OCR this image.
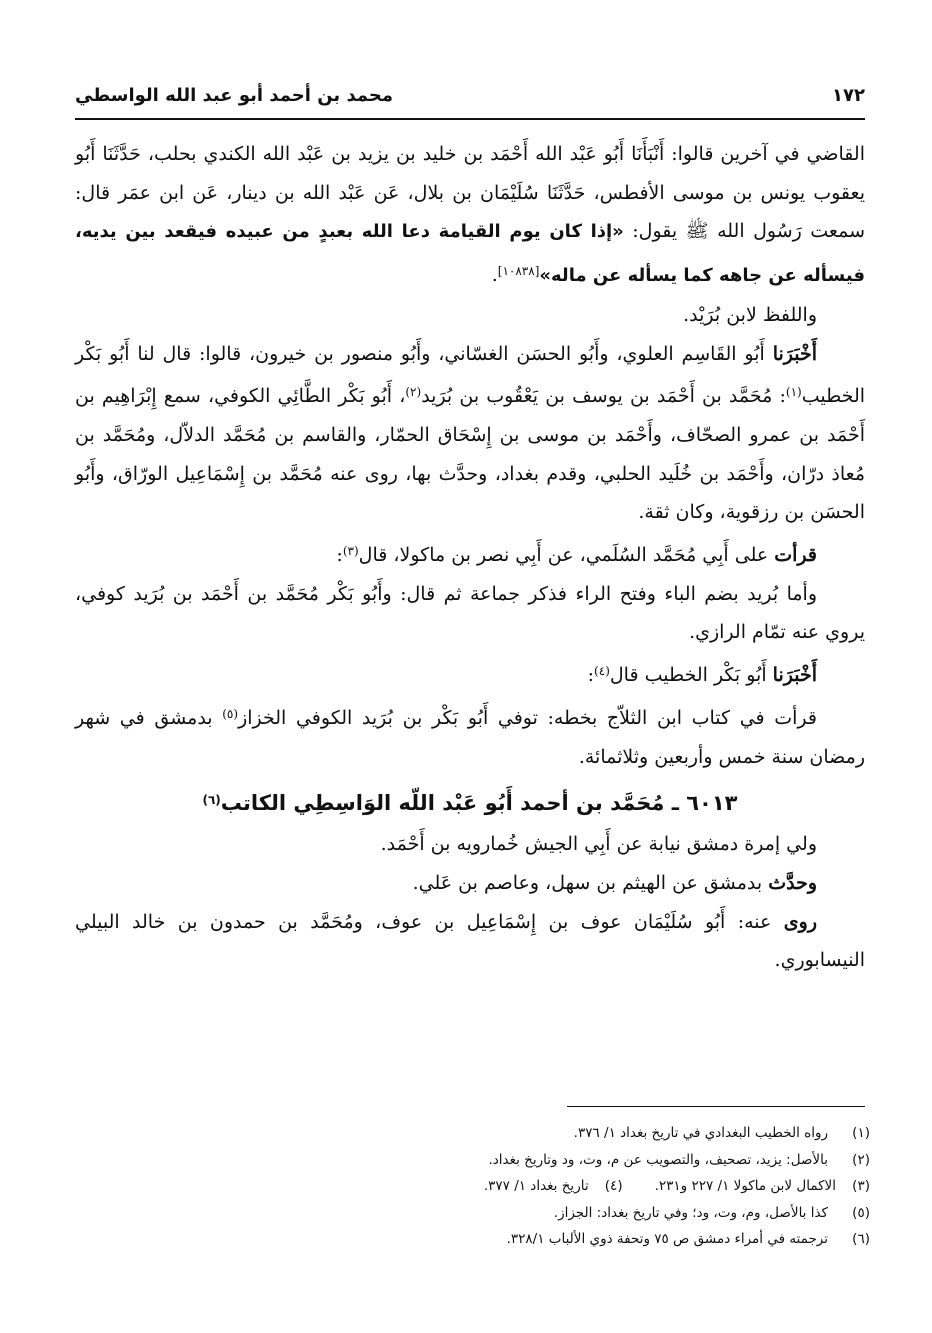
١٧٢
محمد بن أحمد أبو عبد الله الواسطي

القاضي في آخرين قالوا: أَنْبَأَنَا أَبُو عَبْد الله أَحْمَد بن خليد بن يزيد بن عَبْد الله الكندي بحلب، حَدَّثَنَا أَبُو يعقوب يونس بن موسى الأفطس، حَدَّثَنَا سُلَيْمَان بن بلال، عَن عَبْد الله بن دينار، عَن ابن عمَر قال: سمعت رَسُول الله ﷺ يقول: «إذا كان يوم القيامة دعا الله بعبدٍ من عبيده فيقعد بين يديه، فيسأله عن جاهه كما يسأله عن ماله»[١٠٨٣٨].

واللفظ لابن بُرَيْد.

أَخْبَرَنا أَبُو القَاسِم العلوي، وأَبُو الحسَن الغسّاني، وأَبُو منصور بن خيرون، قالوا: قال لنا أَبُو بَكْر الخطيب$^{(١)}$: مُحَمَّد بن أَحْمَد بن يوسف بن يَعْقُوب بن بُرَيد$^{(٢)}$، أَبُو بَكْر الطَّائِي الكوفي، سمع إِبْرَاهِيم بن أَحْمَد بن عمرو الصحّاف، وأَحْمَد بن موسى بن إِسْحَاق الحمّار، والقاسم بن مُحَمَّد الدلاّل، ومُحَمَّد بن مُعاذ درّان، وأَحْمَد بن خُلَيد الحلبي، وقدم بغداد، وحدَّث بها، روى عنه مُحَمَّد بن إِسْمَاعِيل الورّاق، وأَبُو الحسَن بن رزقوية، وكان ثقة.

قرأت على أَبِي مُحَمَّد السُلَمي، عن أَبِي نصر بن ماكولا، قال$^{(٣)}$:

وأما بُريد بضم الباء وفتح الراء فذكر جماعة ثم قال: وأَبُو بَكْر مُحَمَّد بن أَحْمَد بن بُرَيد كوفي، يروي عنه تمّام الرازي.

أَخْبَرَنا أَبُو بَكْر الخطيب قال$^{(٤)}$:

قرأت في كتاب ابن الثلاّج بخطه: توفي أَبُو بَكْر بن بُرَيد الكوفي الخزاز$^{(٥)}$ بدمشق في شهر رمضان سنة خمس وأربعين وثلاثمائة.

٦٠١٣ ـ مُحَمَّد بن أحمد أَبُو عَبْد اللّه الوَاسِطِي الكاتب$^{(٦)}$

ولي إمرة دمشق نيابة عن أَبِي الجيش خُمارويه بن أَحْمَد.

وحدَّث بدمشق عن الهيثم بن سهل، وعاصم بن عَلي.

روى عنه: أَبُو سُلَيْمَان عوف بن إِسْمَاعِيل بن عوف، ومُحَمَّد بن حمدون بن خالد البيلي النيسابوري.

(١)
رواه الخطيب البغدادي في تاريخ بغداد ١/ ٣٧٦.
(٢)
بالأصل: يزيد، تصحيف، والتصويب عن م، وت، ود وتاريخ بغداد.
(٣)
الاكمال لابن ماكولا ١/ ٢٢٧ و٢٣١.
(٤)
تاريخ بغداد ١/ ٣٧٧.
(٥)
كذا بالأصل، وم، وت، ود؛ وفي تاريخ بغداد: الجزاز.
(٦)
ترجمته في أمراء دمشق ص ٧٥ وتحفة ذوي الألباب ٣٢٨/١.
